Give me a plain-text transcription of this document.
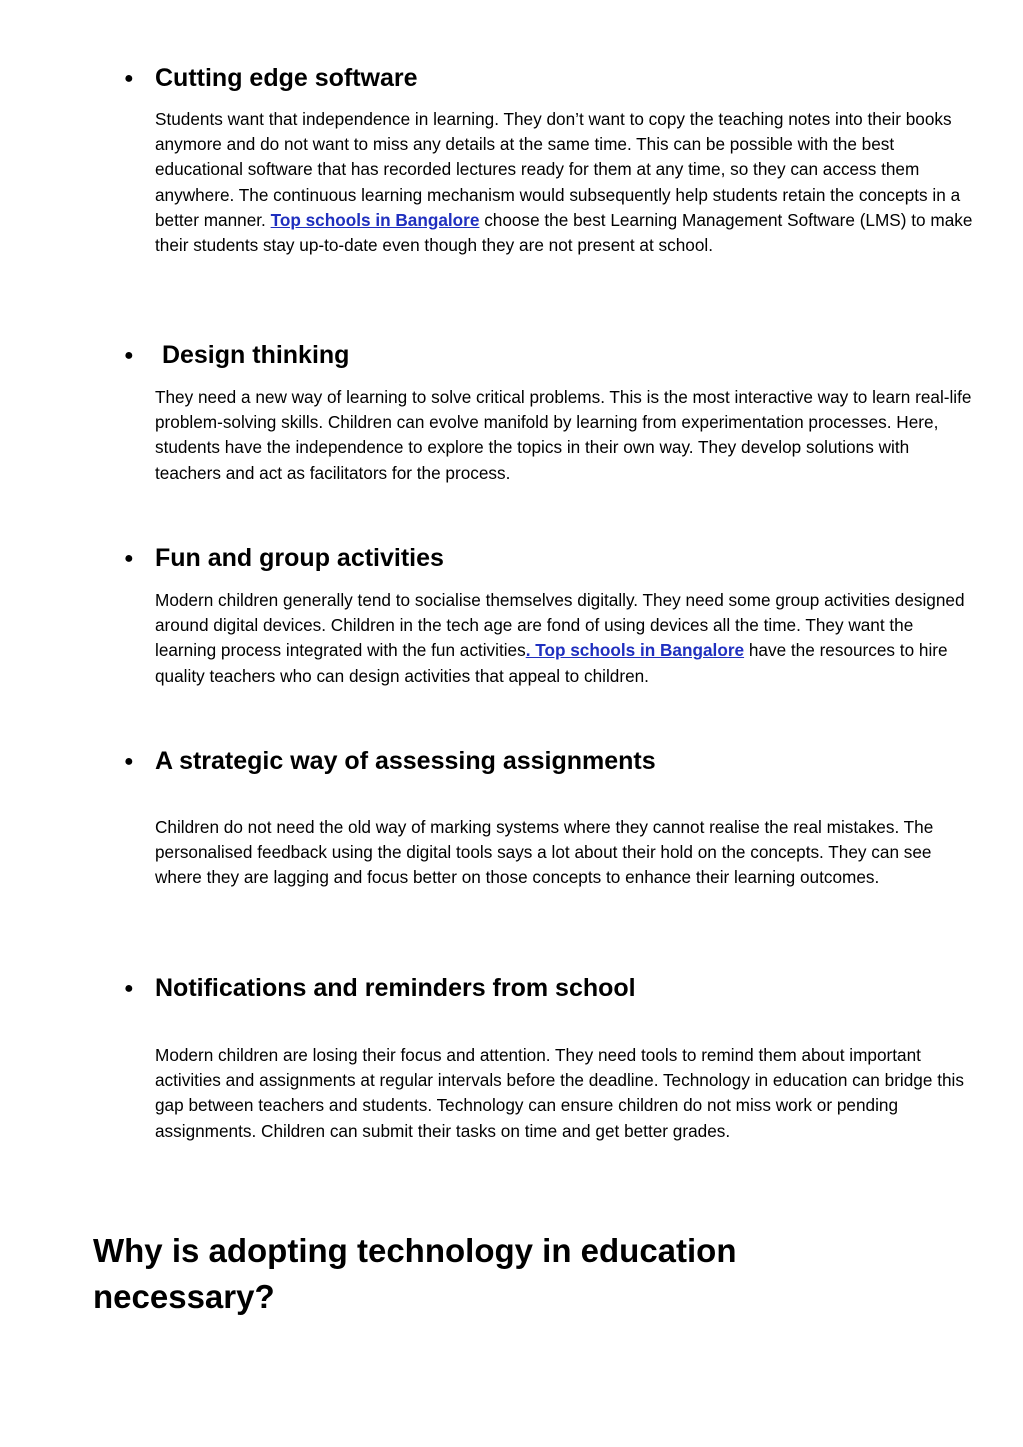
● Cutting edge software
Students want that independence in learning. They don’t want to copy the teaching notes into their books anymore and do not want to miss any details at the same time. This can be possible with the best educational software that has recorded lectures ready for them at any time, so they can access them anywhere. The continuous learning mechanism would subsequently help students retain the concepts in a better manner. Top schools in Bangalore choose the best Learning Management Software (LMS) to make their students stay up-to-date even though they are not present at school.
● Design thinking
They need a new way of learning to solve critical problems. This is the most interactive way to learn real-life problem-solving skills. Children can evolve manifold by learning from experimentation processes. Here, students have the independence to explore the topics in their own way. They develop solutions with teachers and act as facilitators for the process.
● Fun and group activities
Modern children generally tend to socialise themselves digitally. They need some group activities designed around digital devices. Children in the tech age are fond of using devices all the time. They want the learning process integrated with the fun activities. Top schools in Bangalore have the resources to hire quality teachers who can design activities that appeal to children.
● A strategic way of assessing assignments
Children do not need the old way of marking systems where they cannot realise the real mistakes. The personalised feedback using the digital tools says a lot about their hold on the concepts. They can see where they are lagging and focus better on those concepts to enhance their learning outcomes.
● Notifications and reminders from school
Modern children are losing their focus and attention. They need tools to remind them about important activities and assignments at regular intervals before the deadline. Technology in education can bridge this gap between teachers and students. Technology can ensure children do not miss work or pending assignments. Children can submit their tasks on time and get better grades.
Why is adopting technology in education necessary?
